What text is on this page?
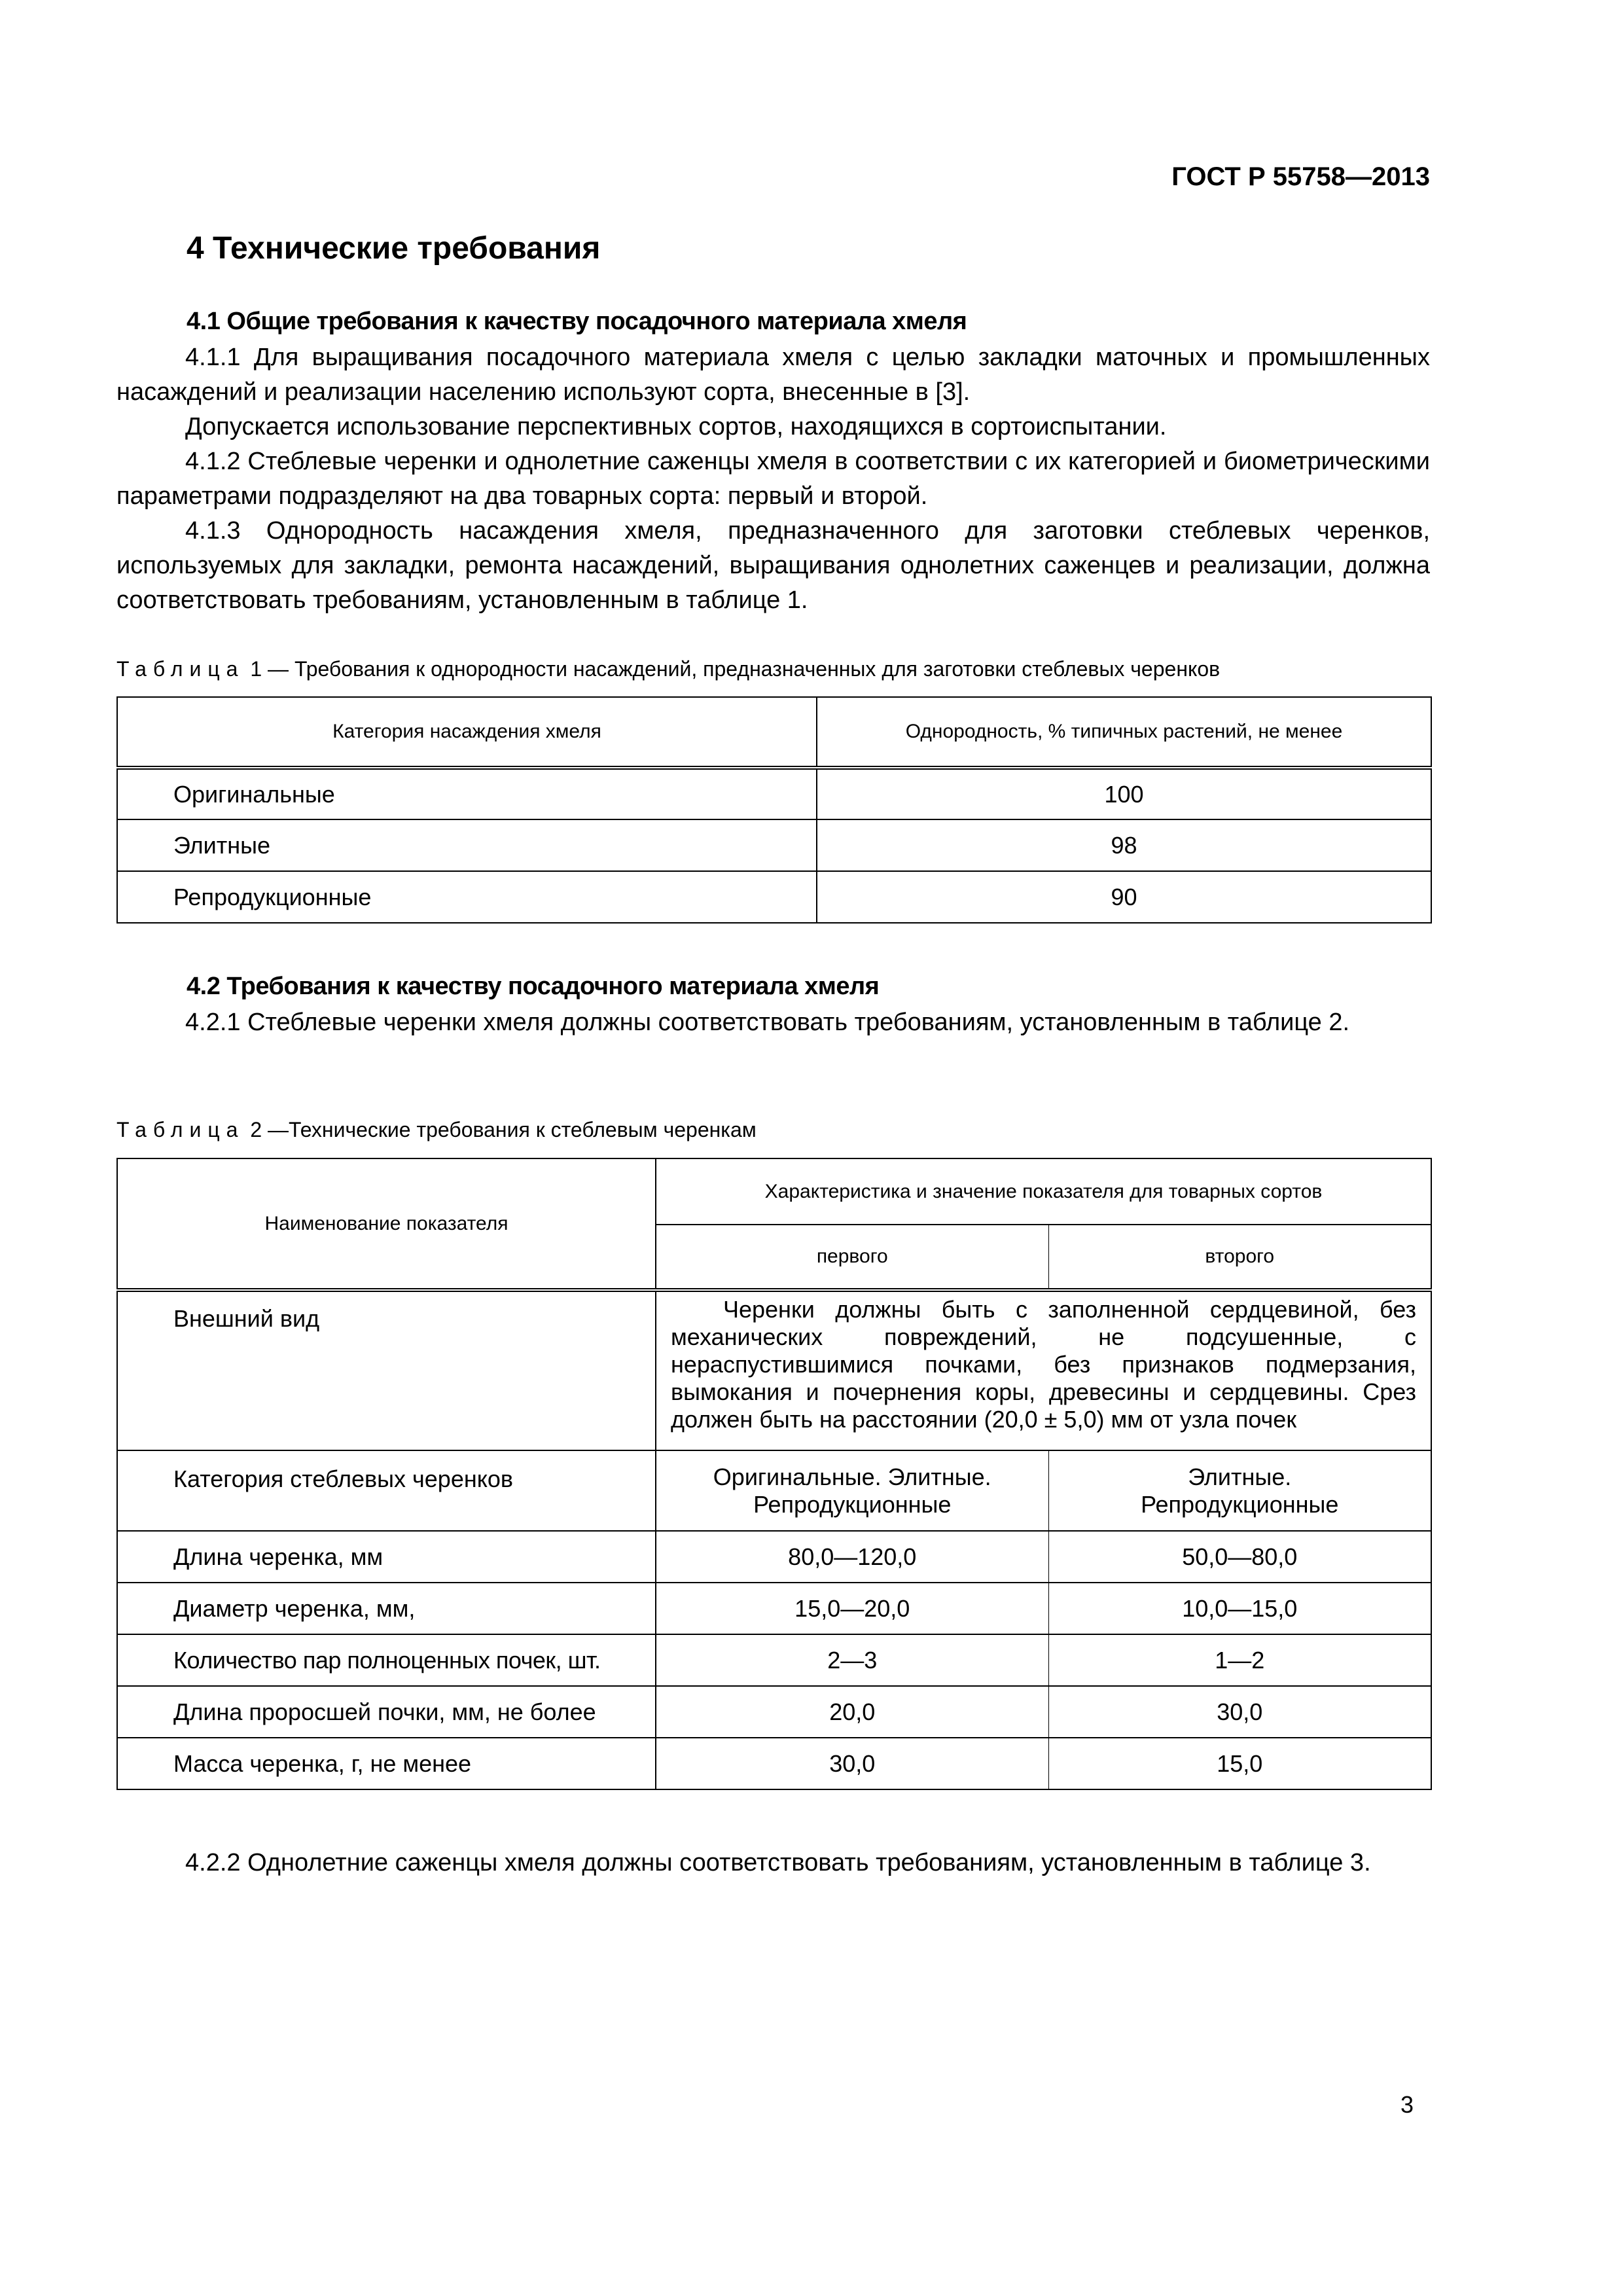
ГОСТ Р 55758—2013
4 Технические требования
4.1 Общие требования к качеству посадочного материала хмеля
4.1.1 Для выращивания посадочного материала хмеля с целью закладки маточных и промышленных насаждений и реализации населению используют сорта, внесенные в [3].
Допускается использование перспективных сортов, находящихся в сортоиспытании.
4.1.2 Стеблевые черенки и однолетние саженцы хмеля в соответствии с их категорией и биометрическими параметрами подразделяют на два товарных сорта: первый и второй.
4.1.3 Однородность насаждения хмеля, предназначенного для заготовки стеблевых черенков, используемых для закладки, ремонта насаждений, выращивания однолетних саженцев и реализации, должна соответствовать требованиям, установленным в таблице 1.
Таблица 1 — Требования к однородности насаждений, предназначенных для заготовки стеблевых черенков
Категория насаждения хмеля	Однородность, % типичных растений, не менее
Оригинальные	100
Элитные	98
Репродукционные	90
4.2 Требования к качеству посадочного материала хмеля
4.2.1 Стеблевые черенки хмеля должны соответствовать требованиям, установленным в таблице 2.
Таблица 2 —Технические требования к стеблевым черенкам
Наименование показателя	Характеристика и значение показателя для товарных сортов	
	первого	второго
Внешний вид	Черенки должны быть с заполненной сердцевиной, без механических повреждений, не подсушенные, с нераспустившимися почками, без признаков подмерзания, вымокания и почернения коры, древесины и сердцевины. Срез должен быть на расстоянии (20,0 ± 5,0) мм от узла почек	

Категория стеблевых черенков	Оригинальные. Элитные. Репродукционные	Элитные. Репродукционные
Длина черенка, мм	80,0—120,0	50,0—80,0
Диаметр черенка, мм,	15,0—20,0	10,0—15,0
Количество пар полноценных почек, шт.	2—3	1—2
Длина проросшей почки, мм, не более	20,0	30,0
Масса черенка, г, не менее	30,0	15,0
4.2.2 Однолетние саженцы хмеля должны соответствовать требованиям, установленным в таблице 3.
3
